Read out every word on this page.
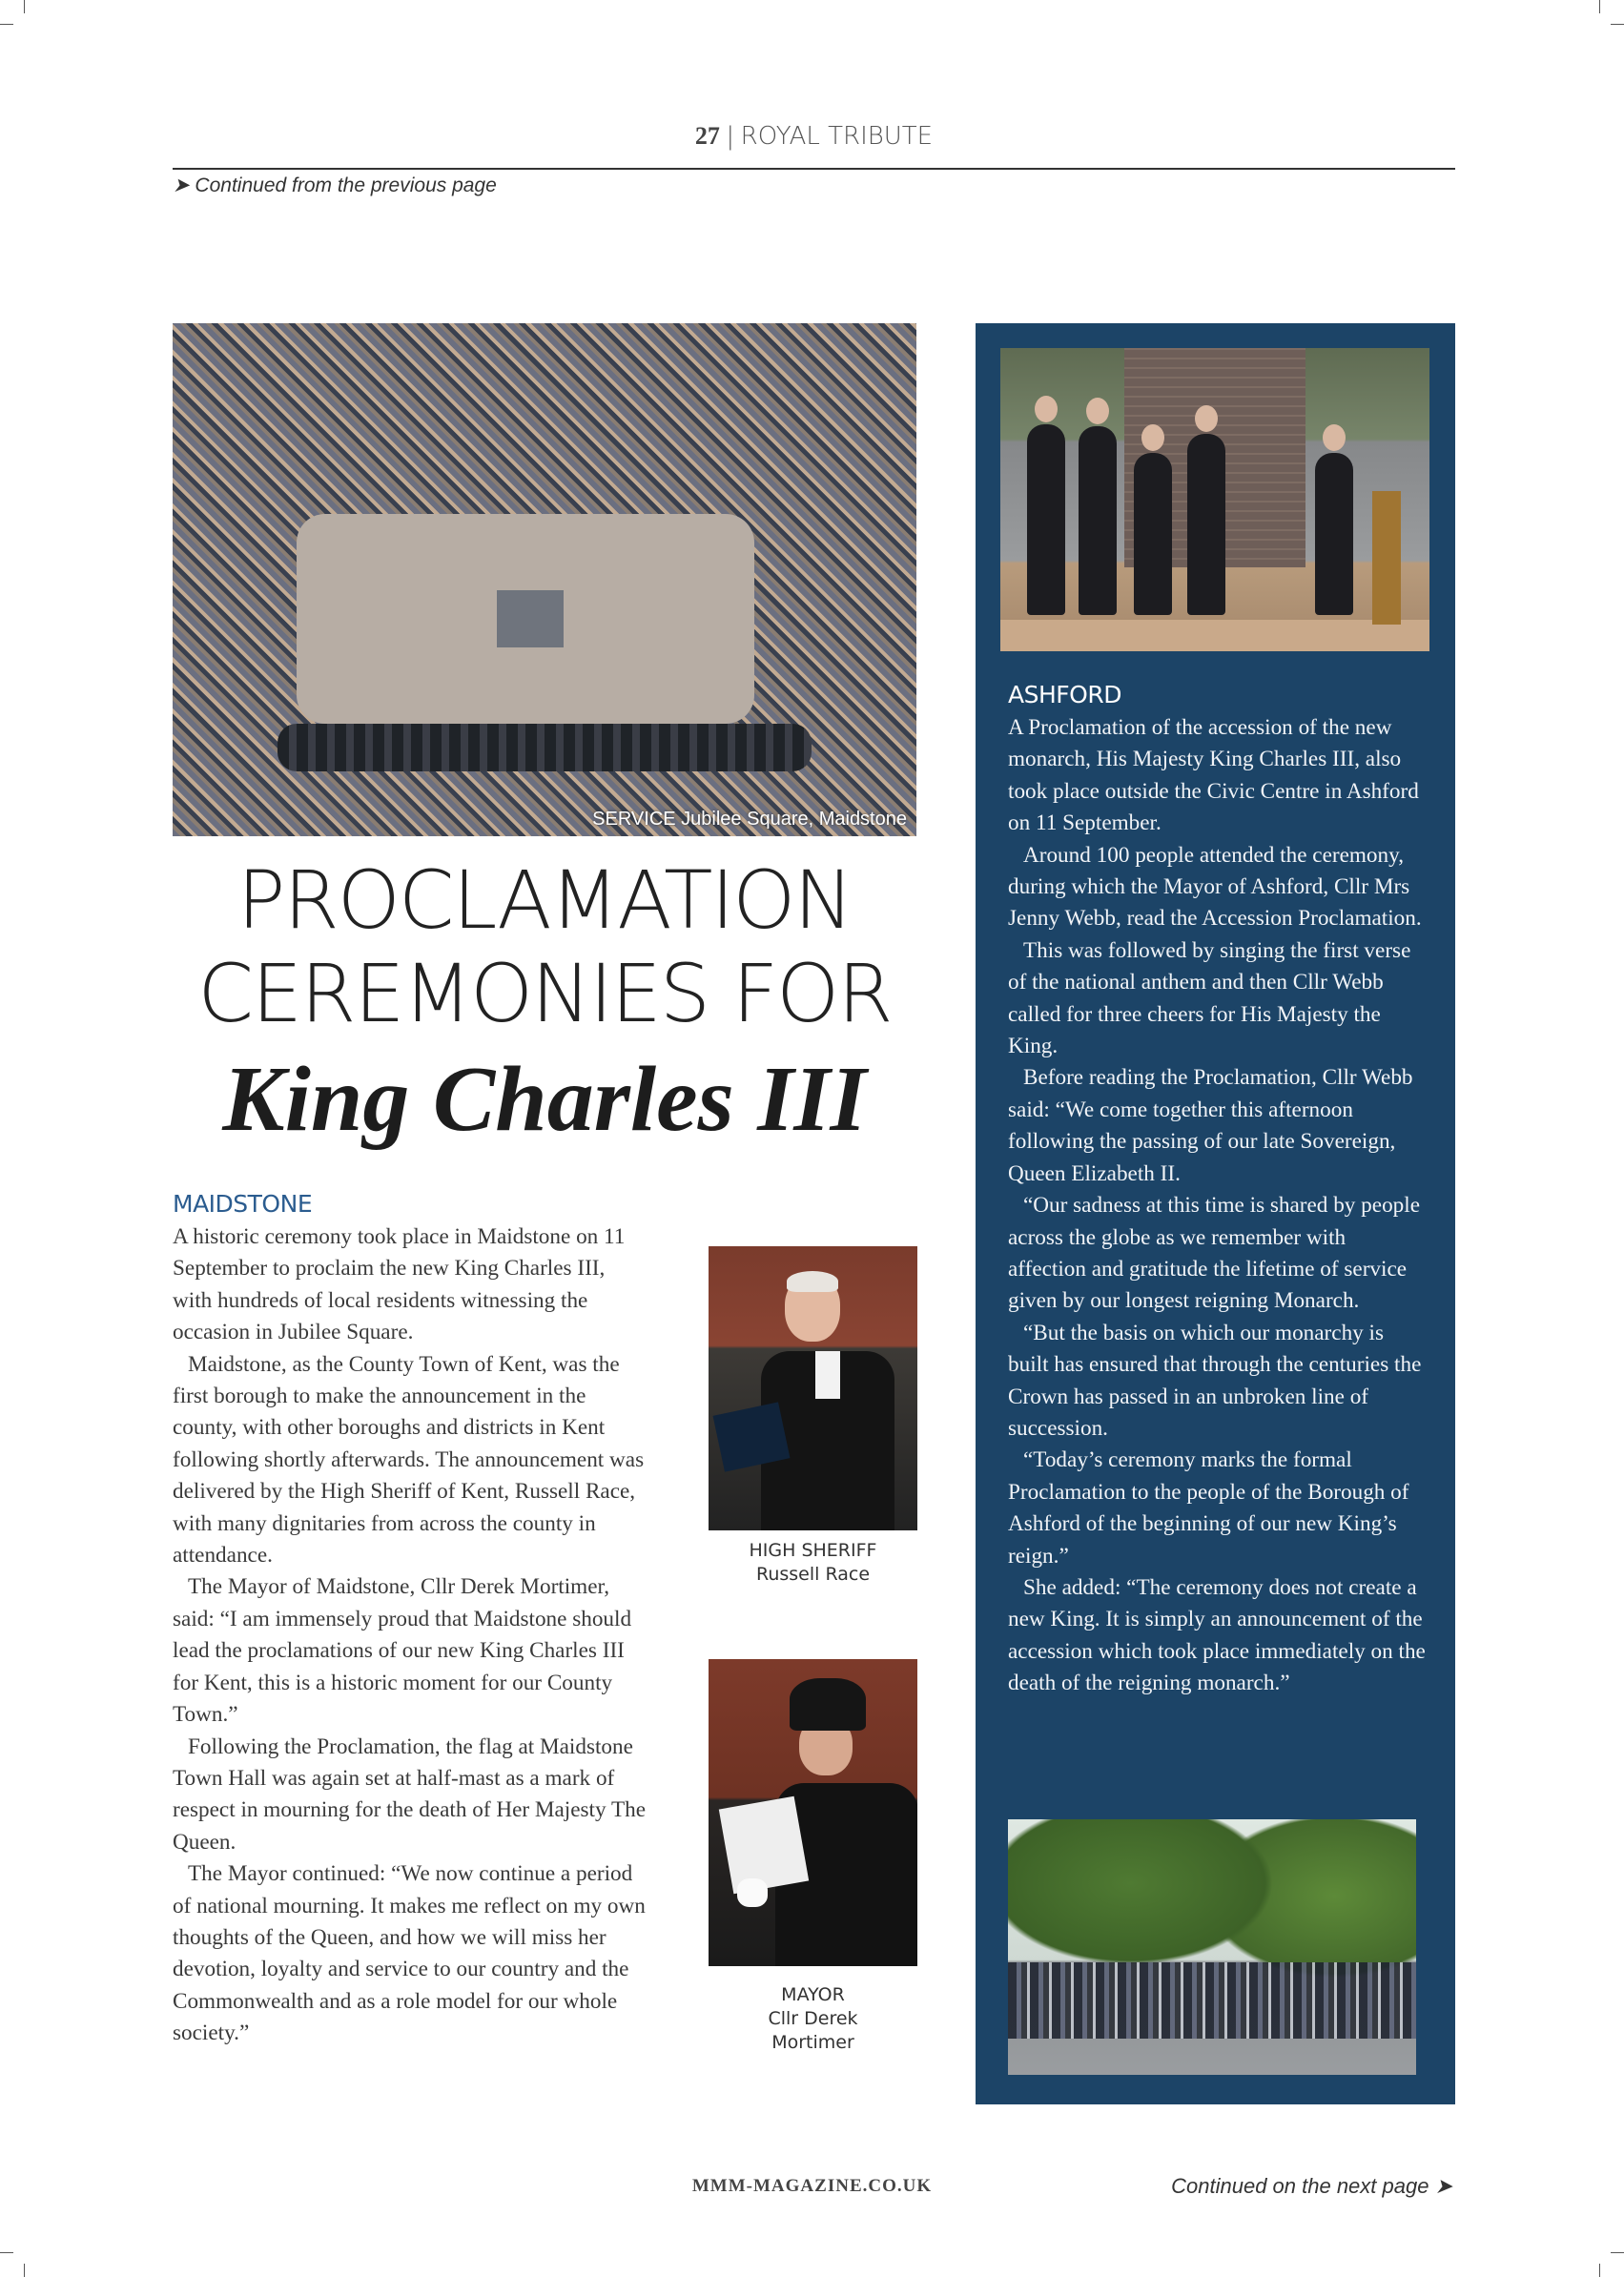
27 | ROYAL TRIBUTE
➤ Continued from the previous page
SERVICE Jubilee Square, Maidstone
PROCLAMATION
CEREMONIES FOR
King Charles III
MAIDSTONE

A historic ceremony took place in Maidstone on 11 September to proclaim the new King Charles III, with hundreds of local residents witnessing the occasion in Jubilee Square.

Maidstone, as the County Town of Kent, was the first borough to make the announcement in the county, with other boroughs and districts in Kent following shortly afterwards. The announcement was delivered by the High Sheriff of Kent, Russell Race, with many dignitaries from across the county in attendance.

The Mayor of Maidstone, Cllr Derek Mortimer, said: “I am immensely proud that Maidstone should lead the proclamations of our new King Charles III for Kent, this is a historic moment for our County Town.”

Following the Proclamation, the flag at Maidstone Town Hall was again set at half-mast as a mark of respect in mourning for the death of Her Majesty The Queen.

The Mayor continued: “We now continue a period of national mourning. It makes me reflect on my own thoughts of the Queen, and how we will miss her devotion, loyalty and service to our country and the Commonwealth and as a role model for our whole society.”

HIGH SHERIFF
Russell Race
MAYOR
Cllr Derek
Mortimer
ASHFORD

A Proclamation of the accession of the new monarch, His Majesty King Charles III, also took place outside the Civic Centre in Ashford on 11 September.

Around 100 people attended the ceremony, during which the Mayor of Ashford, Cllr Mrs Jenny Webb, read the Accession Proclamation.

This was followed by singing the first verse of the national anthem and then Cllr Webb called for three cheers for His Majesty the King.

Before reading the Proclamation, Cllr Webb said: “We come together this afternoon following the passing of our late Sovereign, Queen Elizabeth II.

“Our sadness at this time is shared by people across the globe as we remember with affection and gratitude the lifetime of service given by our longest reigning Monarch.

“But the basis on which our monarchy is built has ensured that through the centuries the Crown has passed in an unbroken line of succession.

“Today’s ceremony marks the formal Proclamation to the people of the Borough of Ashford of the beginning of our new King’s reign.”

She added: “The ceremony does not create a new King. It is simply an announcement of the accession which took place immediately on the death of the reigning monarch.”

MMM-MAGAZINE.CO.UK	Continued on the next page ➤
